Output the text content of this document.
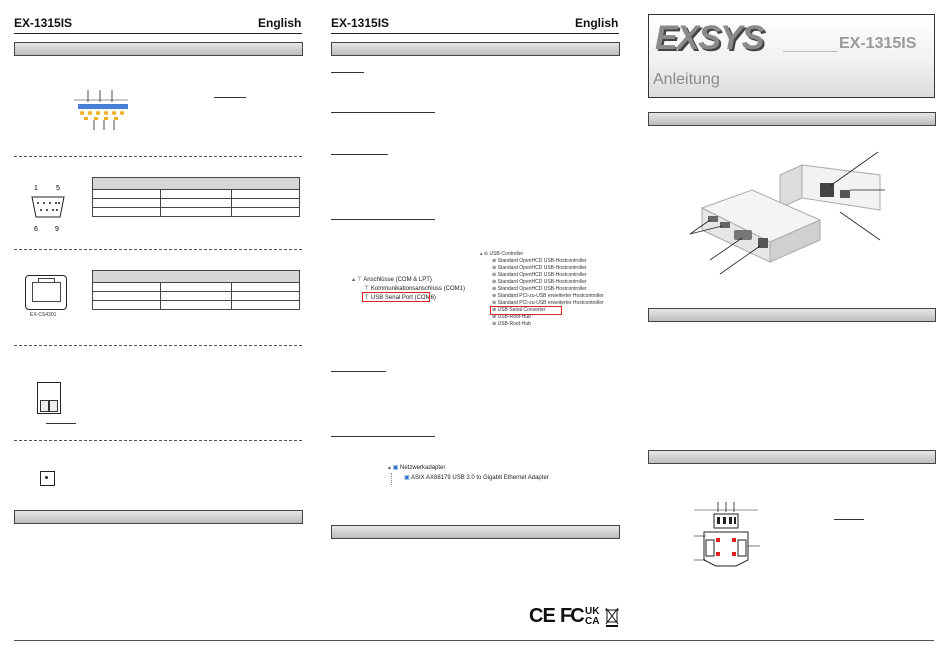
EX-1315IS	English
1	5
6 9

EX-CS4301

EX-1315IS	English
▴ ⊤ Anschlüsse (COM & LPT)
⊤ Kommunikationsanschluss (COM1)
⊤ USB Serial Port (COM6)
▴ ⊕ USB-Controller
⊕ Standard OpenHCD USB-Hostcontroller
⊕ Standard OpenHCD USB-Hostcontroller
⊕ Standard OpenHCD USB-Hostcontroller
⊕ Standard OpenHCD USB-Hostcontroller
⊕ Standard OpenHCD USB-Hostcontroller
⊕ Standard PCI-zu-USB erweiterter Hostcontroller
⊕ Standard PCI-zu-USB erweiterter Hostcontroller
⊕ USB Serial Converter
⊕ USB-Root-Hub
⊕ USB-Root-Hub
▴ ▣ Netzwerkadapter
▣ ASIX AX88179 USB 3.0 to Gigabit Ethernet Adapter
CE FC UK
CA
EXSYS	EX-1315IS
Anleitung
